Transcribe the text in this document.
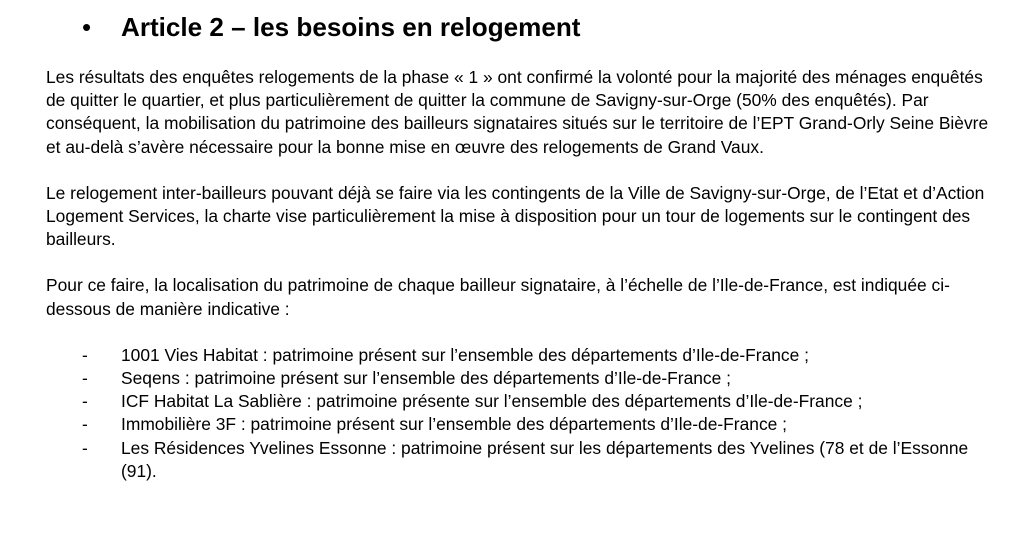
• Article 2 – les besoins en relogement

Les résultats des enquêtes relogements de la phase « 1 » ont confirmé la volonté pour la majorité des ménages enquêtés de quitter le quartier, et plus particulièrement de quitter la commune de Savigny-sur-Orge (50% des enquêtés). Par conséquent, la mobilisation du patrimoine des bailleurs signataires situés sur le territoire de l’EPT Grand-Orly Seine Bièvre et au-delà s’avère nécessaire pour la bonne mise en œuvre des relogements de Grand Vaux.

Le relogement inter-bailleurs pouvant déjà se faire via les contingents de la Ville de Savigny-sur-Orge, de l’Etat et d’Action Logement Services, la charte vise particulièrement la mise à disposition pour un tour de logements sur le contingent des bailleurs.

Pour ce faire, la localisation du patrimoine de chaque bailleur signataire, à l’échelle de l’Ile-de-France, est indiquée ci-dessous de manière indicative :

- 1001 Vies Habitat : patrimoine présent sur l’ensemble des départements d’Ile-de-France ;
- Seqens : patrimoine présent sur l’ensemble des départements d’Ile-de-France ;
- ICF Habitat La Sablière : patrimoine présente sur l’ensemble des départements d’Ile-de-France ;
- Immobilière 3F : patrimoine présent sur l’ensemble des départements d’Ile-de-France ;
- Les Résidences Yvelines Essonne : patrimoine présent sur les départements des Yvelines (78 et de l’Essonne (91).
